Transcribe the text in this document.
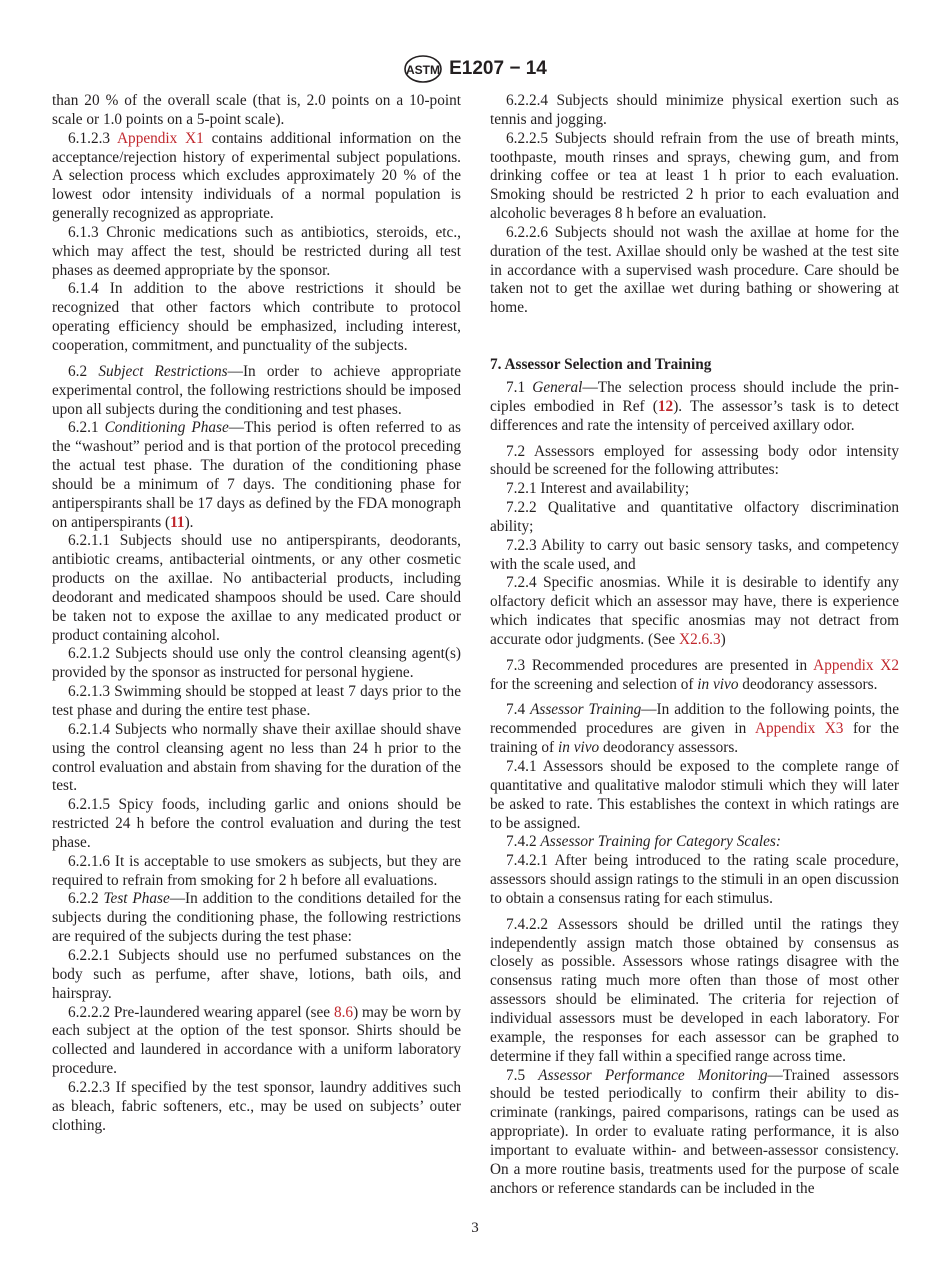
ASTM E1207 − 14

than 20 % of the overall scale (that is, 2.0 points on a 10-point scale or 1.0 points on a 5-point scale).

6.1.2.3 Appendix X1 contains additional information on the acceptance/rejection history of experimental subject populations. A selection process which excludes approximately 20 % of the lowest odor intensity individuals of a normal population is generally recognized as appropriate.

6.1.3 Chronic medications such as antibiotics, steroids, etc., which may affect the test, should be restricted during all test phases as deemed appropriate by the sponsor.

6.1.4 In addition to the above restrictions it should be recognized that other factors which contribute to protocol operating efficiency should be emphasized, including interest, cooperation, commitment, and punctuality of the subjects.

6.2 Subject Restrictions—In order to achieve appropriate experimental control, the following restrictions should be imposed upon all subjects during the conditioning and test phases.

6.2.1 Conditioning Phase—This period is often referred to as the “washout” period and is that portion of the protocol preceding the actual test phase. The duration of the conditioning phase should be a minimum of 7 days. The conditioning phase for antiperspirants shall be 17 days as defined by the FDA monograph on antiperspirants (11).

6.2.1.1 Subjects should use no antiperspirants, deodorants, antibiotic creams, antibacterial ointments, or any other cosmetic products on the axillae. No antibacterial products, including deodorant and medicated shampoos should be used. Care should be taken not to expose the axillae to any medicated product or product containing alcohol.

6.2.1.2 Subjects should use only the control cleansing agent(s) provided by the sponsor as instructed for personal hygiene.

6.2.1.3 Swimming should be stopped at least 7 days prior to the test phase and during the entire test phase.

6.2.1.4 Subjects who normally shave their axillae should shave using the control cleansing agent no less than 24 h prior to the control evaluation and abstain from shaving for the duration of the test.

6.2.1.5 Spicy foods, including garlic and onions should be restricted 24 h before the control evaluation and during the test phase.

6.2.1.6 It is acceptable to use smokers as subjects, but they are required to refrain from smoking for 2 h before all evaluations.

6.2.2 Test Phase—In addition to the conditions detailed for the subjects during the conditioning phase, the following restrictions are required of the subjects during the test phase:

6.2.2.1 Subjects should use no perfumed substances on the body such as perfume, after shave, lotions, bath oils, and hairspray.

6.2.2.2 Pre-laundered wearing apparel (see 8.6) may be worn by each subject at the option of the test sponsor. Shirts should be collected and laundered in accordance with a uniform laboratory procedure.

6.2.2.3 If specified by the test sponsor, laundry additives such as bleach, fabric softeners, etc., may be used on subjects’ outer clothing.

6.2.2.4 Subjects should minimize physical exertion such as tennis and jogging.

6.2.2.5 Subjects should refrain from the use of breath mints, toothpaste, mouth rinses and sprays, chewing gum, and from drinking coffee or tea at least 1 h prior to each evaluation. Smoking should be restricted 2 h prior to each evaluation and alcoholic beverages 8 h before an evaluation.

6.2.2.6 Subjects should not wash the axillae at home for the duration of the test. Axillae should only be washed at the test site in accordance with a supervised wash procedure. Care should be taken not to get the axillae wet during bathing or showering at home.

7. Assessor Selection and Training

7.1 General—The selection process should include the principles embodied in Ref (12). The assessor’s task is to detect differences and rate the intensity of perceived axillary odor.

7.2 Assessors employed for assessing body odor intensity should be screened for the following attributes:

7.2.1 Interest and availability;

7.2.2 Qualitative and quantitative olfactory discrimination ability;

7.2.3 Ability to carry out basic sensory tasks, and competency with the scale used, and

7.2.4 Specific anosmias. While it is desirable to identify any olfactory deficit which an assessor may have, there is experience which indicates that specific anosmias may not detract from accurate odor judgments. (See X2.6.3)

7.3 Recommended procedures are presented in Appendix X2 for the screening and selection of in vivo deodorancy assessors.

7.4 Assessor Training—In addition to the following points, the recommended procedures are given in Appendix X3 for the training of in vivo deodorancy assessors.

7.4.1 Assessors should be exposed to the complete range of quantitative and qualitative malodor stimuli which they will later be asked to rate. This establishes the context in which ratings are to be assigned.

7.4.2 Assessor Training for Category Scales:

7.4.2.1 After being introduced to the rating scale procedure, assessors should assign ratings to the stimuli in an open discussion to obtain a consensus rating for each stimulus.

7.4.2.2 Assessors should be drilled until the ratings they independently assign match those obtained by consensus as closely as possible. Assessors whose ratings disagree with the consensus rating much more often than those of most other assessors should be eliminated. The criteria for rejection of individual assessors must be developed in each laboratory. For example, the responses for each assessor can be graphed to determine if they fall within a specified range across time.

7.5 Assessor Performance Monitoring—Trained assessors should be tested periodically to confirm their ability to discriminate (rankings, paired comparisons, ratings can be used as appropriate). In order to evaluate rating performance, it is also important to evaluate within- and between-assessor consistency. On a more routine basis, treatments used for the purpose of scale anchors or reference standards can be included in the

3
